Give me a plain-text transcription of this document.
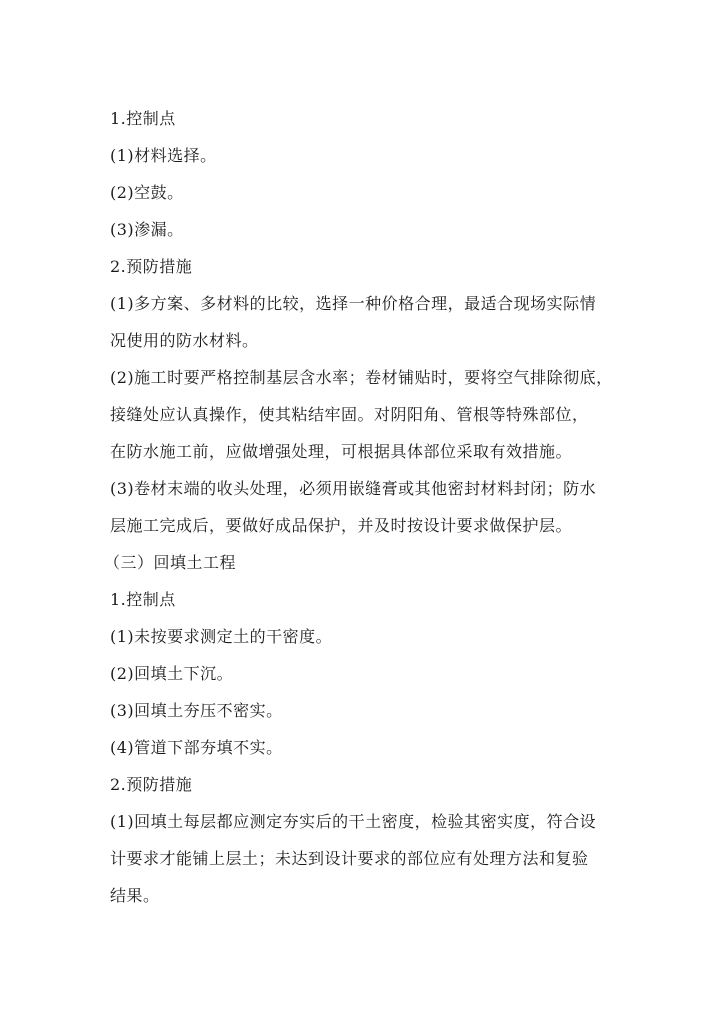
1.控制点
(1)材料选择。
(2)空鼓。
(3)渗漏。
2.预防措施
(1)多方案、多材料的比较，选择一种价格合理，最适合现场实际情
况使用的防水材料。
(2)施工时要严格控制基层含水率；卷材铺贴时，要将空气排除彻底，
接缝处应认真操作，使其粘结牢固。对阴阳角、管根等特殊部位，
在防水施工前，应做增强处理，可根据具体部位采取有效措施。
(3)卷材末端的收头处理，必须用嵌缝膏或其他密封材料封闭；防水
层施工完成后，要做好成品保护，并及时按设计要求做保护层。
（三）回填土工程
1.控制点
(1)未按要求测定土的干密度。
(2)回填土下沉。
(3)回填土夯压不密实。
(4)管道下部夯填不实。
2.预防措施
(1)回填土每层都应测定夯实后的干土密度，检验其密实度，符合设
计要求才能铺上层土；未达到设计要求的部位应有处理方法和复验
结果。
